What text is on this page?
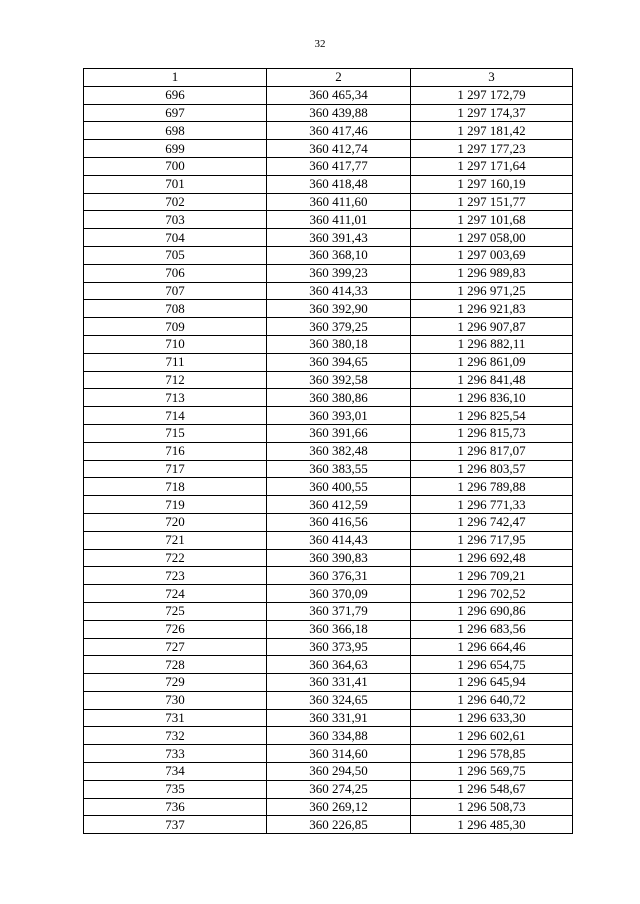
32
1	2	3
696	360 465,34	1 297 172,79
697	360 439,88	1 297 174,37
698	360 417,46	1 297 181,42
699	360 412,74	1 297 177,23
700	360 417,77	1 297 171,64
701	360 418,48	1 297 160,19
702	360 411,60	1 297 151,77
703	360 411,01	1 297 101,68
704	360 391,43	1 297 058,00
705	360 368,10	1 297 003,69
706	360 399,23	1 296 989,83
707	360 414,33	1 296 971,25
708	360 392,90	1 296 921,83
709	360 379,25	1 296 907,87
710	360 380,18	1 296 882,11
711	360 394,65	1 296 861,09
712	360 392,58	1 296 841,48
713	360 380,86	1 296 836,10
714	360 393,01	1 296 825,54
715	360 391,66	1 296 815,73
716	360 382,48	1 296 817,07
717	360 383,55	1 296 803,57
718	360 400,55	1 296 789,88
719	360 412,59	1 296 771,33
720	360 416,56	1 296 742,47
721	360 414,43	1 296 717,95
722	360 390,83	1 296 692,48
723	360 376,31	1 296 709,21
724	360 370,09	1 296 702,52
725	360 371,79	1 296 690,86
726	360 366,18	1 296 683,56
727	360 373,95	1 296 664,46
728	360 364,63	1 296 654,75
729	360 331,41	1 296 645,94
730	360 324,65	1 296 640,72
731	360 331,91	1 296 633,30
732	360 334,88	1 296 602,61
733	360 314,60	1 296 578,85
734	360 294,50	1 296 569,75
735	360 274,25	1 296 548,67
736	360 269,12	1 296 508,73
737	360 226,85	1 296 485,30
